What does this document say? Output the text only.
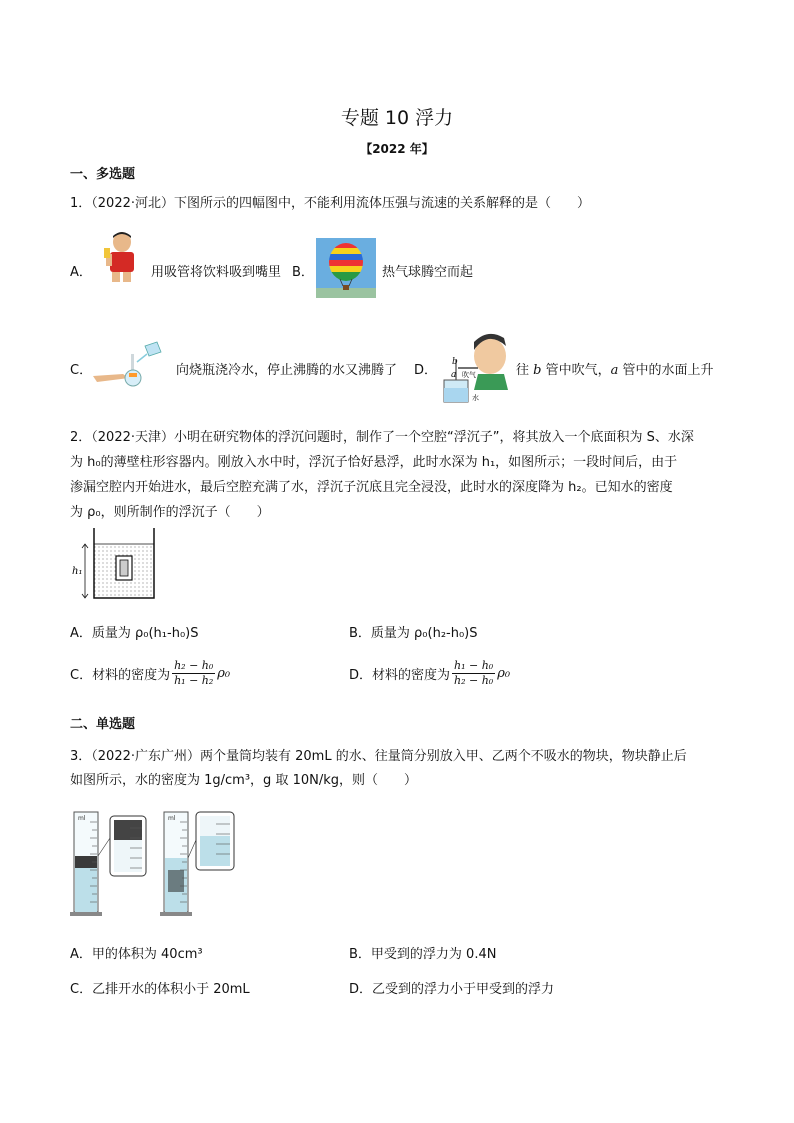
专题 10 浮力
【2022 年】
一、多选题
1．（2022·河北）下图所示的四幅图中，不能利用流体压强与流速的关系解释的是（　　）
A．	用吸管将饮料吸到嘴里 B．	热气球腾空而起
C．	向烧瓶浇冷水，停止沸腾的水又沸腾了 D．
b
a 吹气
水
往 b 管中吹气，a 管中的水面上升
2．（2022·天津）小明在研究物体的浮沉问题时，制作了一个空腔“浮沉子”，将其放入一个底面积为 S、水深
为 h₀的薄壁柱形容器内。刚放入水中时，浮沉子恰好悬浮，此时水深为 h₁，如图所示；一段时间后，由于
渗漏空腔内开始进水，最后空腔充满了水，浮沉子沉底且完全浸没，此时水的深度降为 h₂。已知水的密度
为 ρ₀，则所制作的浮沉子（　　）
h₁
A．质量为 ρ₀(h₁-h₀)S	B．质量为 ρ₀(h₂-h₀)S
C．材料的密度为 $\frac{\text{h₂ − h₀}}{\text{h₁ − h₂}} \rho_0$	D．材料的密度为 $\frac{\text{h₁ − h₀}}{\text{h₂ − h₀}} \rho_0$
二、单选题
3．（2022·广东广州）两个量筒均装有 20mL 的水、往量筒分别放入甲、乙两个不吸水的物块，物块静止后
如图所示，水的密度为 1g/cm³，g 取 10N/kg，则（　　）
ml	ml
A．甲的体积为 40cm³	B．甲受到的浮力为 0.4N
C．乙排开水的体积小于 20mL	D．乙受到的浮力小于甲受到的浮力
